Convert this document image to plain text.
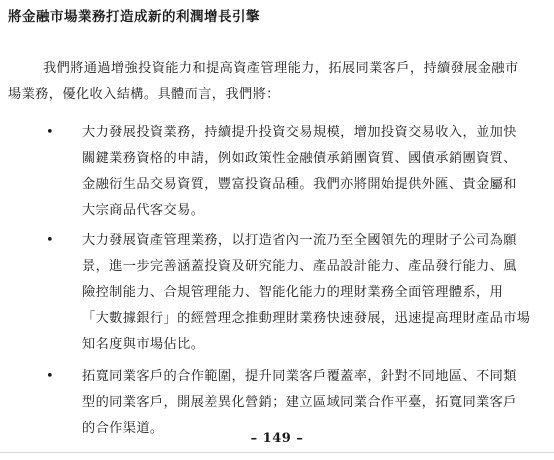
將金融市場業務打造成新的利潤增長引擎
我們將通過增強投資能力和提高資產管理能力，拓展同業客戶，持續發展金融市
場業務，優化收入結構。具體而言，我們將：
• 大力發展投資業務，持續提升投資交易規模，增加投資交易收入，並加快
關鍵業務資格的申請，例如政策性金融債承銷團資質、國債承銷團資質、
金融衍生品交易資質，豐富投資品種。我們亦將開始提供外匯、貴金屬和
大宗商品代客交易。
• 大力發展資產管理業務，以打造省內一流乃至全國領先的理財子公司為願
景，進一步完善涵蓋投資及研究能力、產品設計能力、產品發行能力、風
險控制能力、合規管理能力、智能化能力的理財業務全面管理體系，用
「大數據銀行」的經營理念推動理財業務快速發展，迅速提高理財產品市場
知名度與市場佔比。
• 拓寬同業客戶的合作範圍，提升同業客戶覆蓋率，針對不同地區、不同類
型的同業客戶，開展差異化營銷；建立區域同業合作平臺，拓寬同業客戶
的合作渠道。
– 149 –
